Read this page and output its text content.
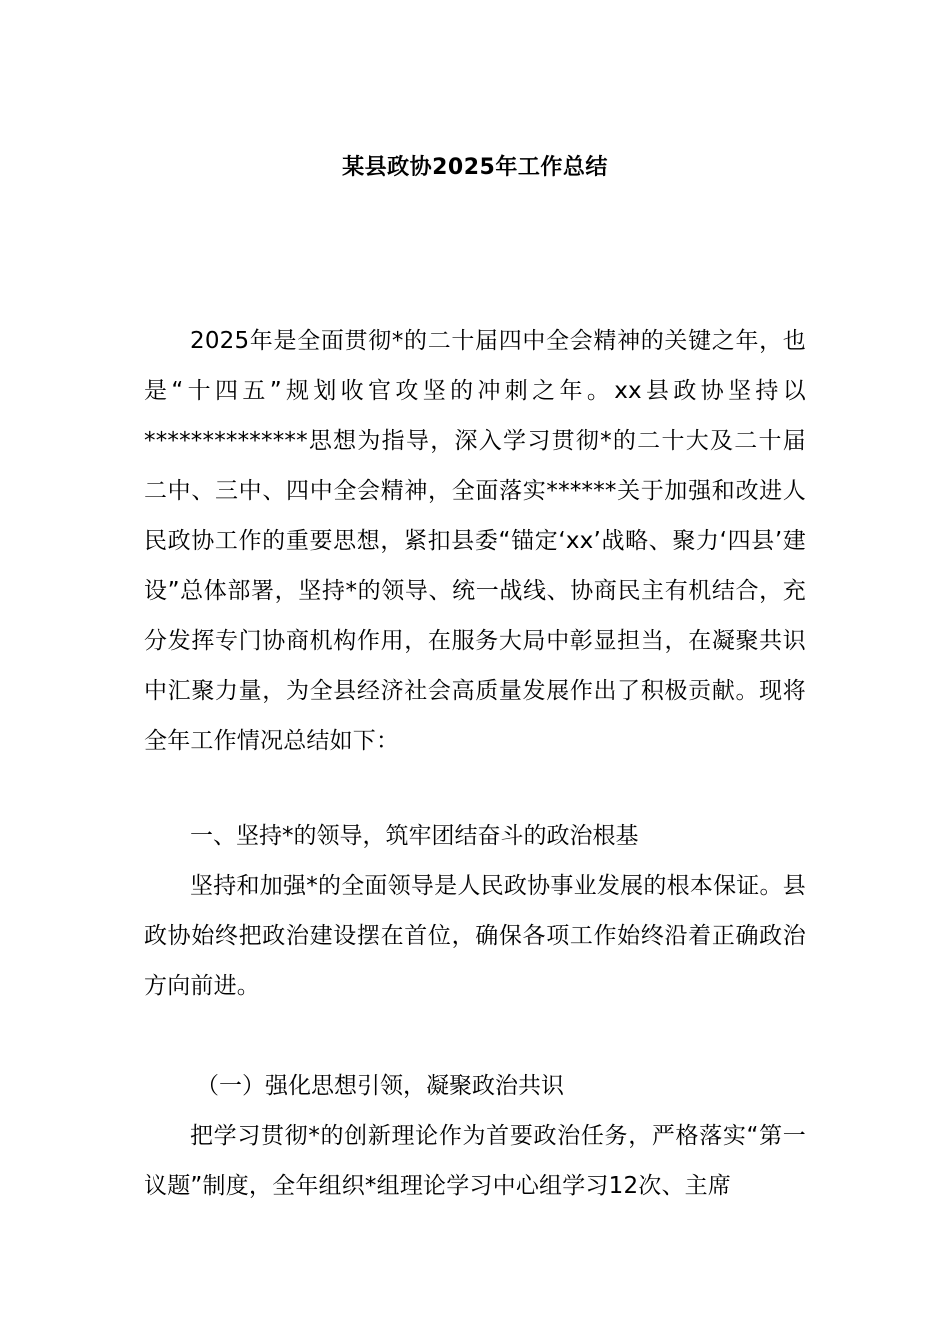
某县政协2025年工作总结
2025年是全面贯彻*的二十届四中全会精神的关键之年，也是“十四五”规划收官攻坚的冲刺之年。xx县政协坚持以**************思想为指导，深入学习贯彻*的二十大及二十届二中、三中、四中全会精神，全面落实******关于加强和改进人民政协工作的重要思想，紧扣县委“锚定‘xx’战略、聚力‘四县’建设”总体部署，坚持*的领导、统一战线、协商民主有机结合，充分发挥专门协商机构作用，在服务大局中彰显担当，在凝聚共识中汇聚力量，为全县经济社会高质量发展作出了积极贡献。现将全年工作情况总结如下：
一、坚持*的领导，筑牢团结奋斗的政治根基
坚持和加强*的全面领导是人民政协事业发展的根本保证。县政协始终把政治建设摆在首位，确保各项工作始终沿着正确政治方向前进。
（一）强化思想引领，凝聚政治共识
把学习贯彻*的创新理论作为首要政治任务，严格落实“第一议题”制度，全年组织*组理论学习中心组学习12次、主席
